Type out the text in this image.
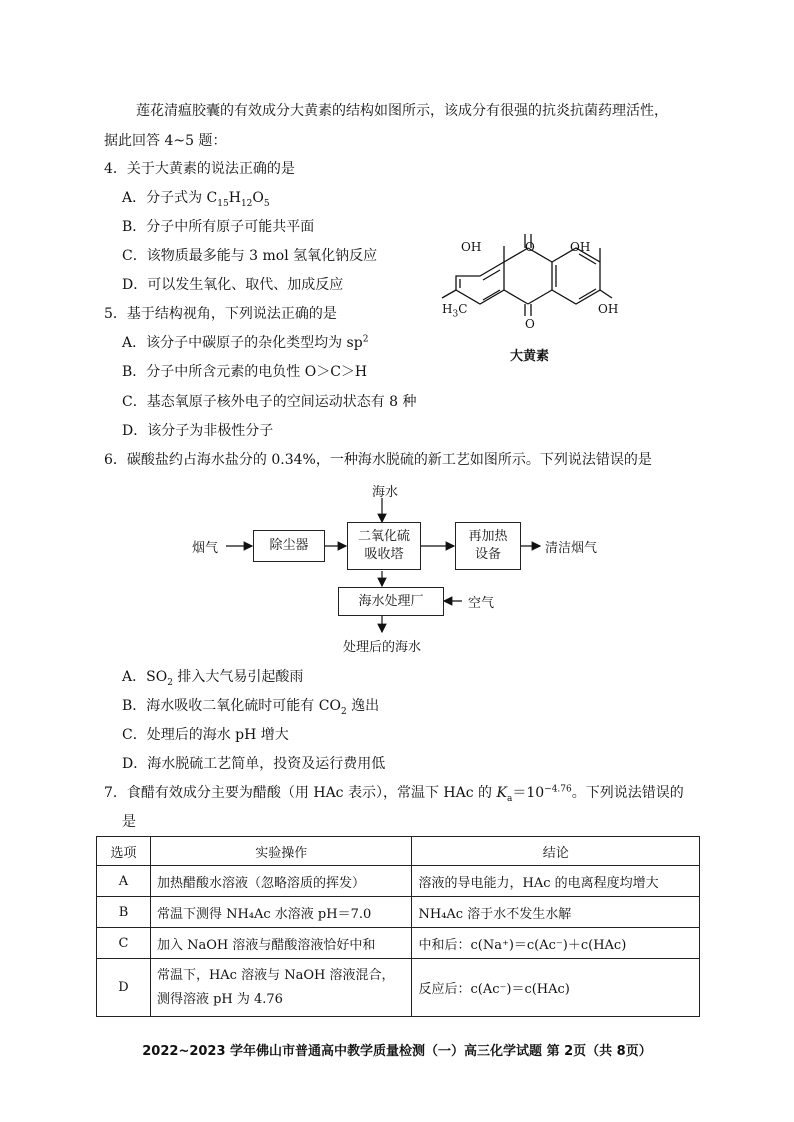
莲花清瘟胶囊的有效成分大黄素的结构如图所示，该成分有很强的抗炎抗菌药理活性，
据此回答 4~5 题：
4．关于大黄素的说法正确的是
A．分子式为 $C_{15}H_{12}O_5$
B．分子中所有原子可能共平面
C．该物质最多能与 3 mol 氢氧化钠反应
D．可以发生氧化、取代、加成反应
OH	O	OH
$H_3C$
O
OH
大黄素
5．基于结构视角，下列说法正确的是
A．该分子中碳原子的杂化类型均为 $sp^2$
B．分子中所含元素的电负性 O＞C＞H
C．基态氧原子核外电子的空间运动状态有 8 种
D．该分子为非极性分子
6．碳酸盐约占海水盐分的 0.34%，一种海水脱硫的新工艺如图所示。下列说法错误的是
海水
烟气	除尘器
二氧化硫
吸收塔
再加热
设备	清洁烟气
海水处理厂	空气
处理后的海水
A．$SO_2$ 排入大气易引起酸雨
B．海水吸收二氧化硫时可能有 $CO_2$ 逸出
C．处理后的海水 pH 增大
D．海水脱硫工艺简单，投资及运行费用低
7．食醋有效成分主要为醋酸（用 HAc 表示），常温下 HAc 的 $K_a=10^{-4.76}$。下列说法错误的
是
选项	实验操作	结论
A	加热醋酸水溶液（忽略溶质的挥发）	溶液的导电能力，HAc 的电离程度均增大
B	常温下测得 NH₄Ac 水溶液 pH＝7.0	NH₄Ac 溶于水不发生水解
C	加入 NaOH 溶液与醋酸溶液恰好中和	中和后：c(Na⁺)＝c(Ac⁻)＋c(HAc)
D	常温下，HAc 溶液与 NaOH 溶液混合，
测得溶液 pH 为 4.76	反应后：c(Ac⁻)＝c(HAc)
2022~2023 学年佛山市普通高中教学质量检测（一）高三化学试题 第 2页（共 8页）
